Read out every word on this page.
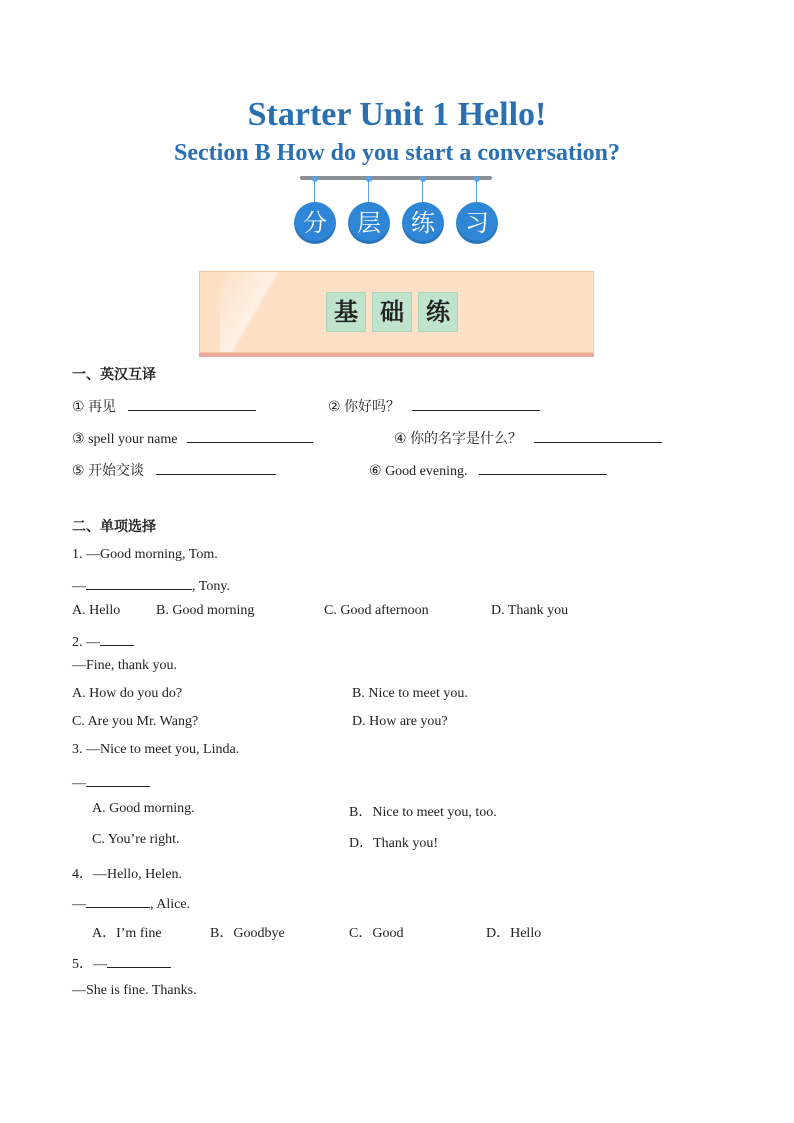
Starter Unit 1 Hello!
Section B How do you start a conversation?
分	层	练	习
基 础 练
一、英汉互译
① 再见	② 你好吗？
③ spell your name	④ 你的名字是什么？
⑤ 开始交谈	⑥ Good evening.
二、单项选择
1. —Good morning, Tom.
—	, Tony.
A. Hello	B. Good morning	C. Good afternoon	D. Thank you
2. —
—Fine, thank you.
A. How do you do?	B. Nice to meet you.
C. Are you Mr. Wang?	D. How are you?
3. —Nice to meet you, Linda.
—
A. Good morning.	B．Nice to meet you, too.
C. You’re right.	D．Thank you!
4．—Hello, Helen.
—	, Alice.
A．I’m fine	B．Goodbye	C．Good	D．Hello
5．—
—She is fine. Thanks.
